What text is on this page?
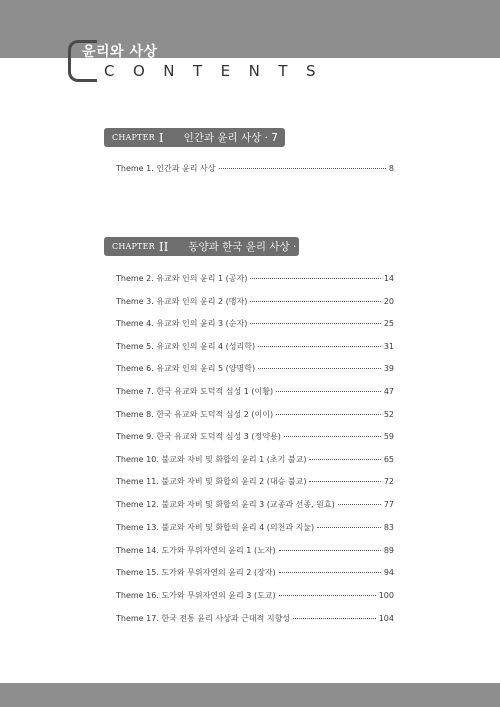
윤리와 사상
CONTENTS
CHAPTER I 인간과 윤리 사상 · 7
Theme 1. 인간과 윤리 사상	8
CHAPTER II 동양과 한국 윤리 사상 · 13
Theme 2. 유교와 인의 윤리 1 (공자)	14
Theme 3. 유교와 인의 윤리 2 (맹자)	20
Theme 4. 유교와 인의 윤리 3 (순자)	25
Theme 5. 유교와 인의 윤리 4 (성리학)	31
Theme 6. 유교와 인의 윤리 5 (양명학)	39
Theme 7. 한국 유교와 도덕적 심성 1 (이황)	47
Theme 8. 한국 유교와 도덕적 심성 2 (이이)	52
Theme 9. 한국 유교와 도덕적 심성 3 (정약용)	59
Theme 10. 불교와 자비 및 화합의 윤리 1 (초기 불교)	65
Theme 11. 불교와 자비 및 화합의 윤리 2 (대승 불교)	72
Theme 12. 불교와 자비 및 화합의 윤리 3 (교종과 선종, 원효)	77
Theme 13. 불교와 자비 및 화합의 윤리 4 (의천과 지눌)	83
Theme 14. 도가와 무위자연의 윤리 1 (노자)	89
Theme 15. 도가와 무위자연의 윤리 2 (장자)	94
Theme 16. 도가와 무위자연의 윤리 3 (도교)	100
Theme 17. 한국 전통 윤리 사상과 근대적 지향성	104
